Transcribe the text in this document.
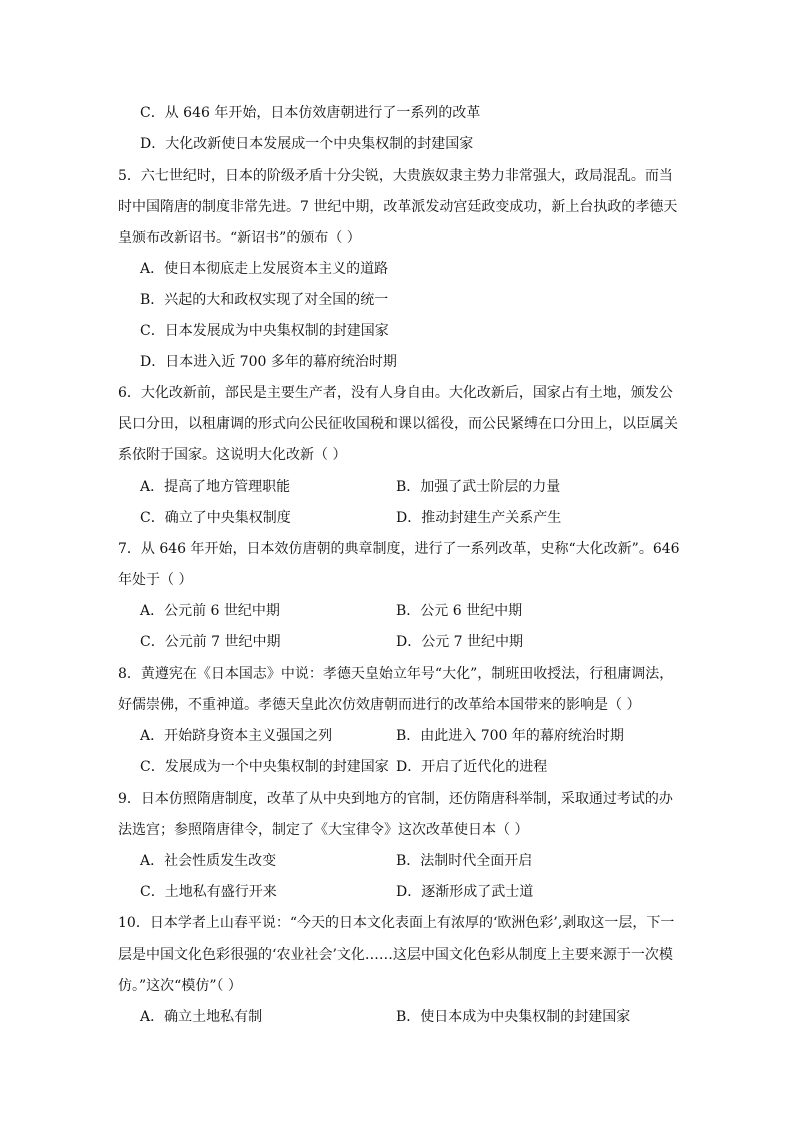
C．从 646 年开始，日本仿效唐朝进行了一系列的改革
D．大化改新使日本发展成一个中央集权制的封建国家
5．六七世纪时，日本的阶级矛盾十分尖锐，大贵族奴隶主势力非常强大，政局混乱。而当
时中国隋唐的制度非常先进。7 世纪中期，改革派发动宫廷政变成功，新上台执政的孝德天
皇颁布改新诏书。“新诏书”的颁布（ ）
A．使日本彻底走上发展资本主义的道路
B．兴起的大和政权实现了对全国的统一
C．日本发展成为中央集权制的封建国家
D．日本进入近 700 多年的幕府统治时期
6．大化改新前，部民是主要生产者，没有人身自由。大化改新后，国家占有土地，颁发公
民口分田，以租庸调的形式向公民征收国税和课以徭役，而公民紧缚在口分田上，以臣属关
系依附于国家。这说明大化改新（ ）
A．提高了地方管理职能	B．加强了武士阶层的力量
C．确立了中央集权制度	D．推动封建生产关系产生
7．从 646 年开始，日本效仿唐朝的典章制度，进行了一系列改革，史称“大化改新”。646
年处于（ ）
A．公元前 6 世纪中期	B．公元 6 世纪中期
C．公元前 7 世纪中期	D．公元 7 世纪中期
8．黄遵宪在《日本国志》中说：孝德天皇始立年号“大化”，制班田收授法，行租庸调法，
好儒崇佛，不重神道。孝德天皇此次仿效唐朝而进行的改革给本国带来的影响是（ ）
A．开始跻身资本主义强国之列	B．由此进入 700 年的幕府统治时期
C．发展成为一个中央集权制的封建国家 D．开启了近代化的进程
9．日本仿照隋唐制度，改革了从中央到地方的官制，还仿隋唐科举制，采取通过考试的办
法选宫；参照隋唐律令，制定了《大宝律令》这次改革使日本（ ）
A．社会性质发生改变	B．法制时代全面开启
C．土地私有盛行开来	D．逐渐形成了武士道
10．日本学者上山春平说：“今天的日本文化表面上有浓厚的‘欧洲色彩’,剥取这一层，下一
层是中国文化色彩很强的‘农业社会’文化……这层中国文化色彩从制度上主要来源于一次模
仿。”这次“模仿”（ ）
A．确立土地私有制	B．使日本成为中央集权制的封建国家
